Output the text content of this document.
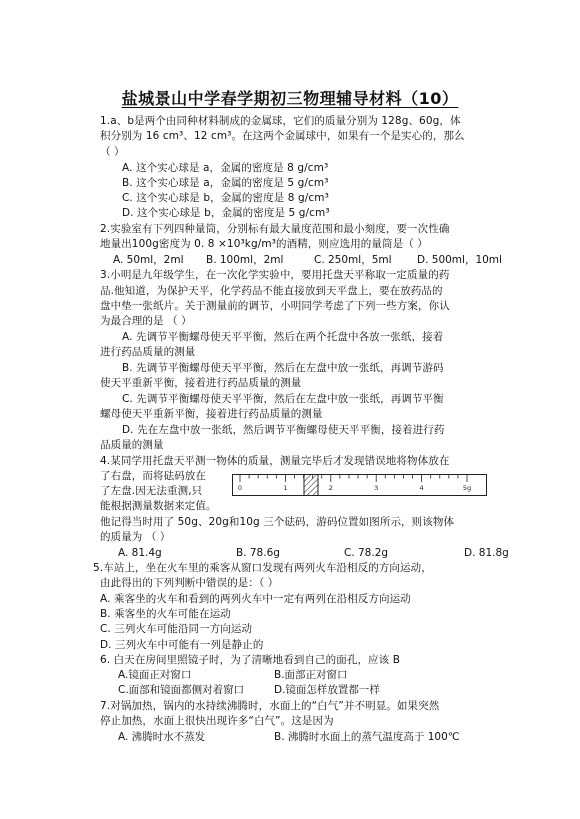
盐城景山中学春学期初三物理辅导材料（10）
1.a、b是两个由同种材料制成的金属球，它们的质量分别为 128g、60g，体
积分别为 16 cm³、12 cm³。在这两个金属球中，如果有一个是实心的，那么
（ ）
A. 这个实心球是 a，金属的密度是 8 g/cm³
B. 这个实心球是 a，金属的密度是 5 g/cm³
C. 这个实心球是 b，金属的密度是 8 g/cm³
D. 这个实心球是 b，金属的密度是 5 g/cm³
2.实验室有下列四种量筒，分别标有最大量度范围和最小刻度，要一次性确
地量出100g密度为 0. 8 ×10³kg/m³的酒精，则应选用的量筒是（ ）
A. 50ml，2ml B. 100ml，2ml	C. 250ml，5ml D. 500ml，10ml
3.小明是九年级学生，在一次化学实验中，要用托盘天平称取一定质量的药
品.他知道，为保护天平，化学药品不能直接放到天平盘上，要在放药品的
盘中垫一张纸片。关于测量前的调节，小明同学考虑了下列一些方案，你认
为最合理的是 （ ）
A. 先调节平衡螺母使天平平衡，然后在两个托盘中各放一张纸，接着
进行药品质量的测量
B. 先调节平衡螺母使天平平衡，然后在左盘中放一张纸，再调节游码
使天平重新平衡，接着进行药品质量的测量
C. 先调节平衡螺母使天平平衡，然后在左盘中放一张纸，再调节平衡
螺母使天平重新平衡，接着进行药品质量的测量
D. 先在左盘中放一张纸，然后调节平衡螺母使天平平衡，接着进行药
品质量的测量
4.某同学用托盘天平测一物体的质量，测量完毕后才发现错误地将物体放在
了右盘，而将砝码放在
了左盘.因无法重测,只
能根据测量数据来定值。
0	1	2	3	4	5g
他记得当时用了 50g、20g和10g 三个砝码，游码位置如图所示，则该物体
的质量为 （ ）
A. 81.4g	B. 78.6g	C. 78.2g	D. 81.8g
5.车站上，坐在火车里的乘客从窗口发现有两列火车沿相反的方向运动，
由此得出的下列判断中错误的是：（ ）
A. 乘客坐的火车和看到的两列火车中一定有两列在沿相反方向运动
B. 乘客坐的火车可能在运动
C. 三列火车可能沿同一方向运动
D. 三列火车中可能有一列是静止的
6. 白天在房间里照镜子时，为了清晰地看到自己的面孔，应该 B
A.镜面正对窗口	B.面部正对窗口
C.面部和镜面都侧对着窗口	D.镜面怎样放置都一样
7.对锅加热，锅内的水持续沸腾时，水面上的“白气”并不明显。如果突然
停止加热，水面上很快出现许多“白气”。这是因为
A. 沸腾时水不蒸发	B. 沸腾时水面上的蒸气温度高于 100℃
